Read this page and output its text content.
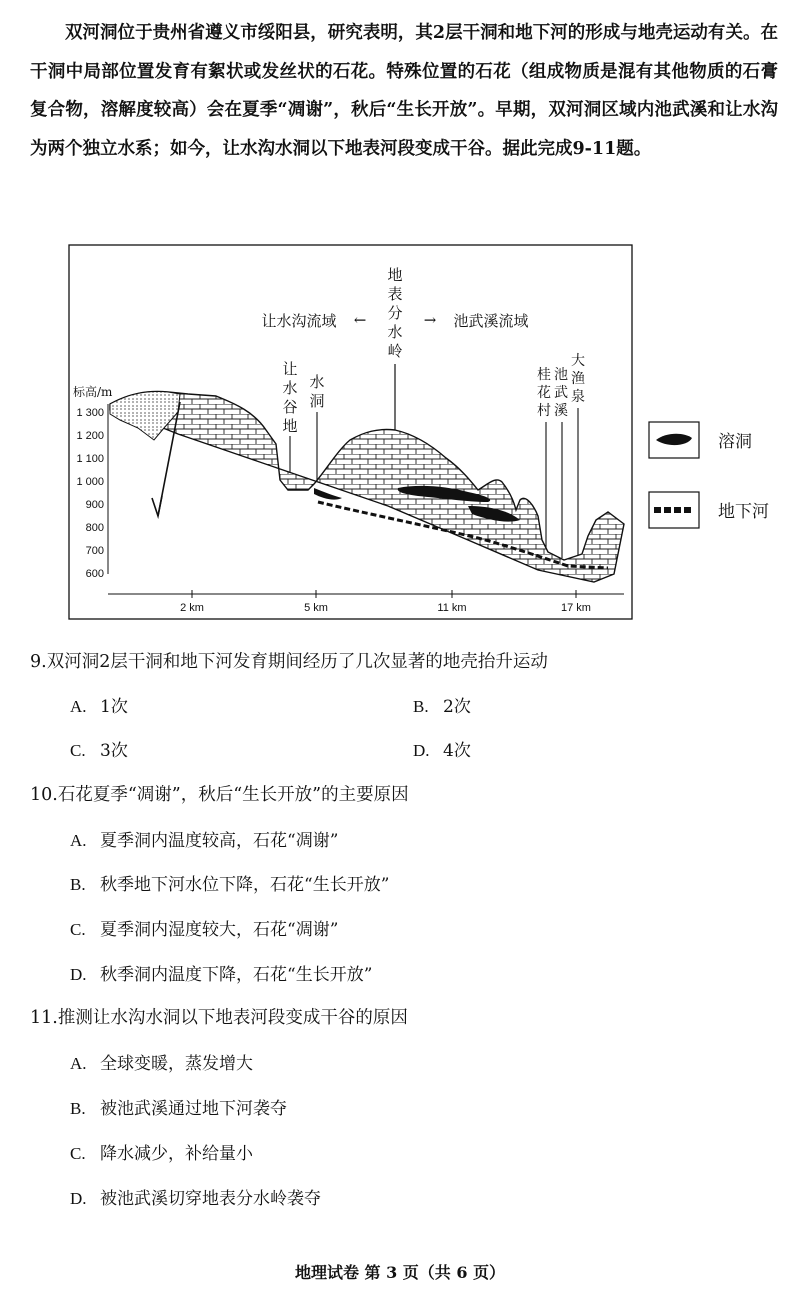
双河洞位于贵州省遵义市绥阳县，研究表明，其2层干洞和地下河的形成与地壳运动有关。在干洞中局部位置发育有絮状或发丝状的石花。特殊位置的石花（组成物质是混有其他物质的石膏复合物，溶解度较高）会在夏季“凋谢”，秋后“生长开放”。早期，双河洞区域内池武溪和让水沟为两个独立水系；如今，让水沟水洞以下地表河段变成干谷。据此完成9-11题。

地
表
分
水
岭
让水沟流域 ←	→ 池武溪流域
让
水
谷
地
水
洞
桂
花
村
池
武
溪
大
渔
泉
标高/m
1 300
1 200
1 100
1 000
900
800
700
600
2 km	5 km	11 km	17 km
溶洞
地下河

9.双河洞2层干洞和地下河发育期间经历了几次显著的地壳抬升运动

A. 1次	B. 2次

C. 3次	D. 4次

10.石花夏季“凋谢”，秋后“生长开放”的主要原因

A. 夏季洞内温度较高，石花“凋谢”

B. 秋季地下河水位下降，石花“生长开放”

C. 夏季洞内湿度较大，石花“凋谢”

D. 秋季洞内温度下降，石花“生长开放”

11.推测让水沟水洞以下地表河段变成干谷的原因

A. 全球变暖，蒸发增大

B. 被池武溪通过地下河袭夺

C. 降水减少，补给量小

D. 被池武溪切穿地表分水岭袭夺

地理试卷 第 3 页（共 6 页）
